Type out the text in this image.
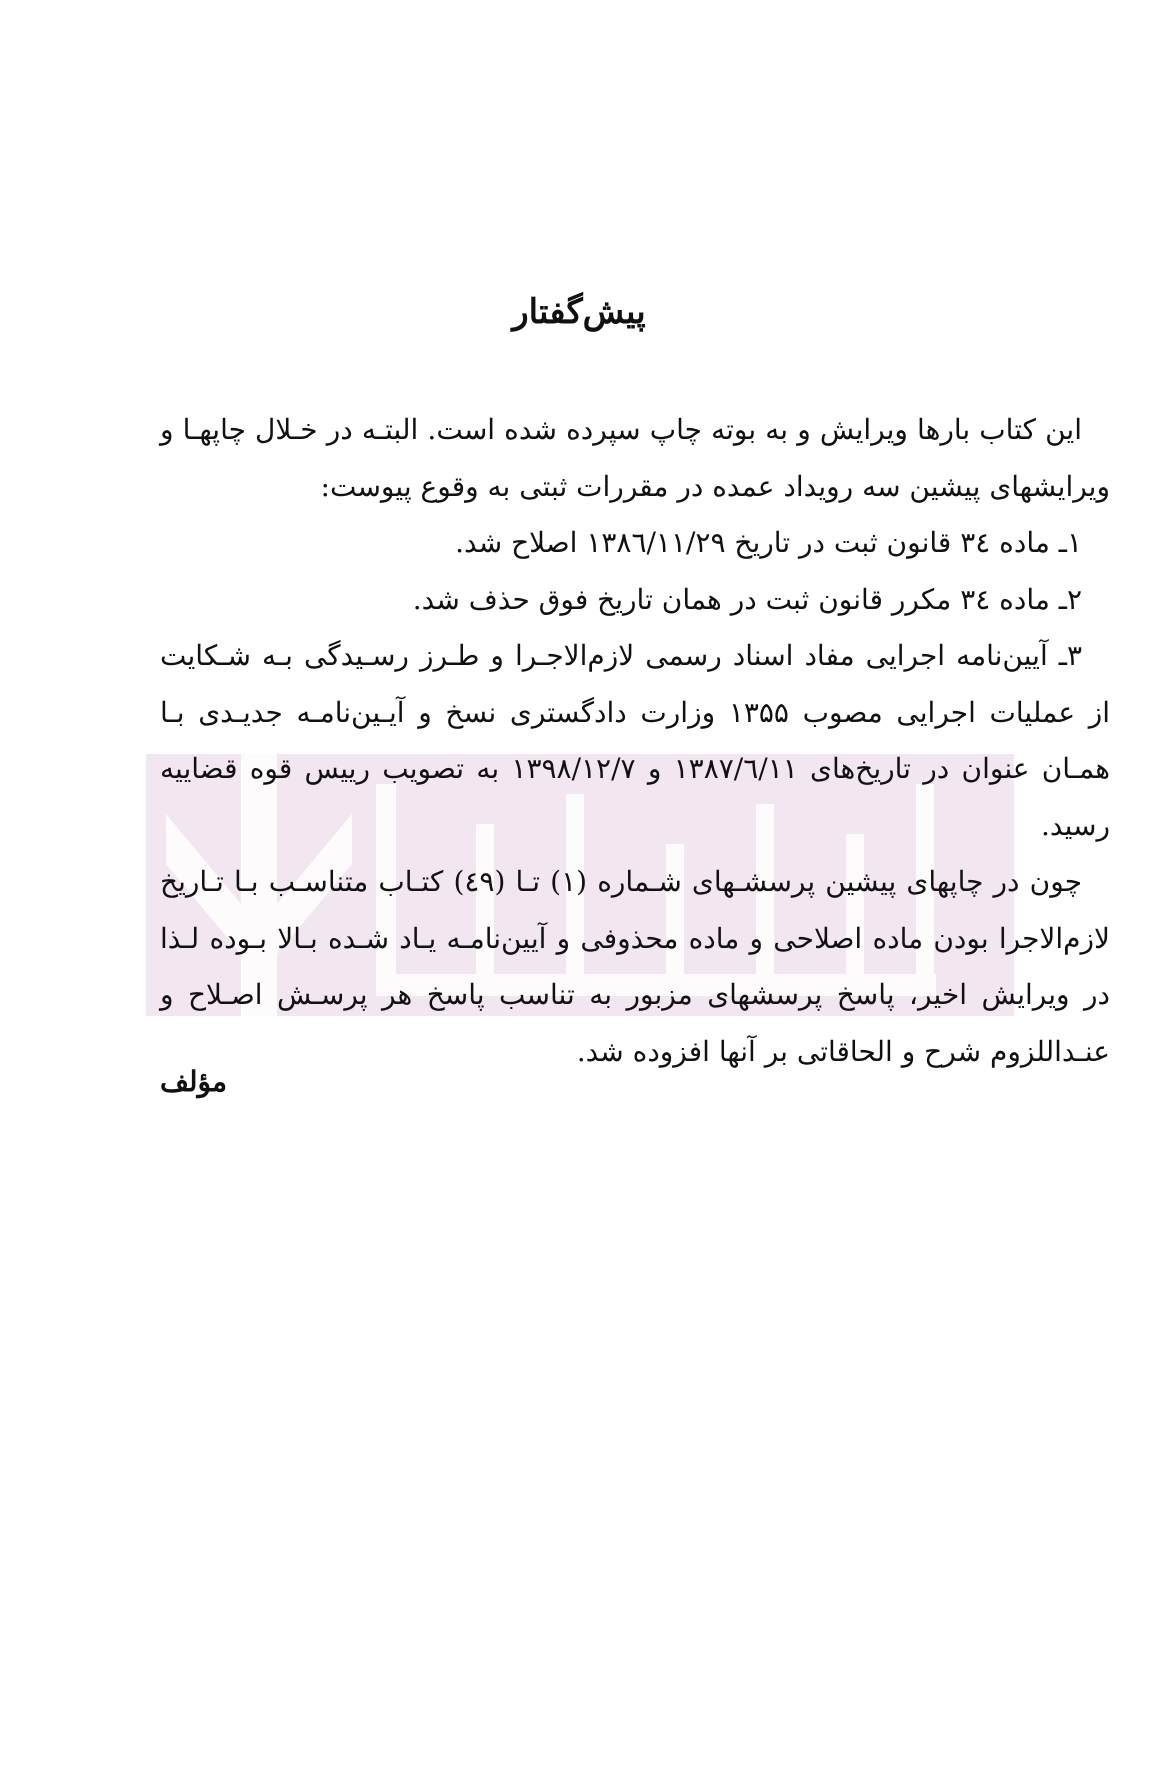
پیش‌گفتار

این کتاب بارها ویرایش و به بوته چاپ سپرده شده است. البتـه در خـلال چاپهـا و ویرایشهای پیشین سه رویداد عمده در مقررات ثبتی به وقوع پیوست:

۱ـ ماده ۳٤ قانون ثبت در تاریخ ۱۳۸٦/۱۱/۲۹ اصلاح شد.

۲ـ ماده ۳٤ مکرر قانون ثبت در همان تاریخ فوق حذف شد.

۳ـ آیین‌نامه اجرایی مفاد اسناد رسمی لازم‌الاجـرا و طـرز رسـیدگی بـه شـکایت از عملیات اجرایی مصوب ۱۳۵۵ وزارت دادگستری نسخ و آیـین‌نامـه جدیـدی بـا همـان عنوان در تاریخ‌های ۱۳۸۷/٦/۱۱ و ۱۳۹۸/۱۲/۷ به تصویب رییس قوه قضاییه رسید.

چون در چاپهای پیشین پرسشـهای شـماره (۱) تـا (٤۹) کتـاب متناسـب بـا تـاریخ لازم‌الاجرا بودن ماده اصلاحی و ماده محذوفی و آیین‌نامـه یـاد شـده بـالا بـوده لـذا در ویرایش اخیر، پاسخ پرسشهای مزبور به تناسب پاسخ هر پرسـش اصـلاح و عنـداللزوم شرح و الحاقاتی بر آنها افزوده شد.

مؤلف
